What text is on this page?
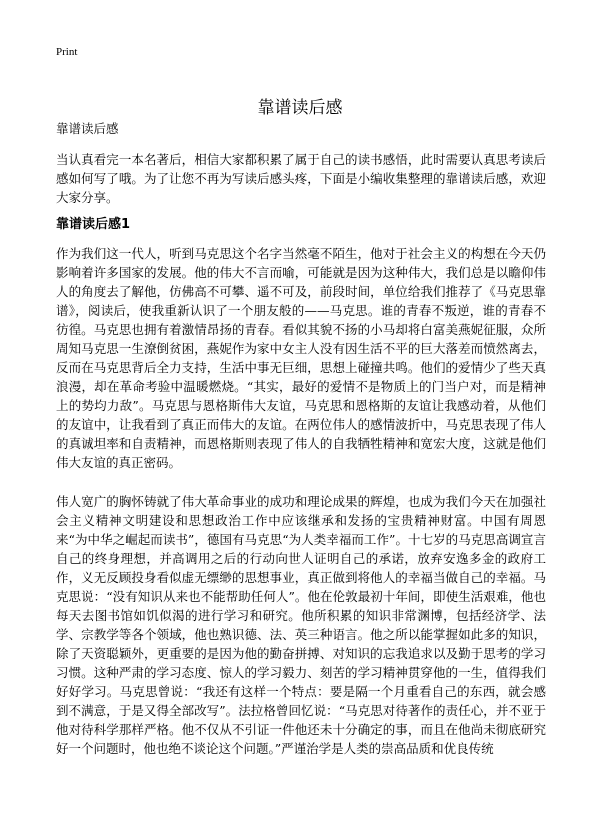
Print
靠谱读后感

靠谱读后感

当认真看完一本名著后，相信大家都积累了属于自己的读书感悟，此时需要认真思考读后感如何写了哦。为了让您不再为写读后感头疼，下面是小编收集整理的靠谱读后感，欢迎大家分享。

靠谱读后感1

作为我们这一代人，听到马克思这个名字当然毫不陌生，他对于社会主义的构想在今天仍影响着许多国家的发展。他的伟大不言而喻，可能就是因为这种伟大，我们总是以瞻仰伟人的角度去了解他，仿佛高不可攀、遥不可及，前段时间，单位给我们推荐了《马克思靠谱》，阅读后，使我重新认识了一个朋友般的——马克思。谁的青春不叛逆，谁的青春不彷徨。马克思也拥有着激情昂扬的青春。看似其貌不扬的小马却将白富美燕妮征服，众所周知马克思一生潦倒贫困，燕妮作为家中女主人没有因生活不平的巨大落差而愤然离去，反而在马克思背后全力支持，生活中事无巨细，思想上碰撞共鸣。他们的爱情少了些天真浪漫，却在革命考验中温暖燃烧。“其实，最好的爱情不是物质上的门当户对，而是精神上的势均力敌”。马克思与恩格斯伟大友谊，马克思和恩格斯的友谊让我感动着，从他们的友谊中，让我看到了真正而伟大的友谊。在两位伟人的感情波折中，马克思表现了伟人的真诚坦率和自责精神，而恩格斯则表现了伟人的自我牺牲精神和宽宏大度，这就是他们伟大友谊的真正密码。

伟人宽广的胸怀铸就了伟大革命事业的成功和理论成果的辉煌，也成为我们今天在加强社会主义精神文明建设和思想政治工作中应该继承和发扬的宝贵精神财富。中国有周恩来“为中华之崛起而读书”，德国有马克思“为人类幸福而工作”。十七岁的马克思高调宣言自己的终身理想，并高调用之后的行动向世人证明自己的承诺，放弃安逸多金的政府工作，义无反顾投身看似虚无缥缈的思想事业，真正做到将他人的幸福当做自己的幸福。马克思说：“没有知识从来也不能帮助任何人”。他在伦敦最初十年间，即使生活艰难，他也每天去图书馆如饥似渴的进行学习和研究。他所积累的知识非常渊博，包括经济学、法学、宗教学等各个领域，他也熟识德、法、英三种语言。他之所以能掌握如此多的知识，除了天资聪颖外，更重要的是因为他的勤奋拼搏、对知识的忘我追求以及勤于思考的学习习惯。这种严肃的学习态度、惊人的学习毅力、刻苦的学习精神贯穿他的一生，值得我们好好学习。马克思曾说：“我还有这样一个特点：要是隔一个月重看自己的东西，就会感到不满意，于是又得全部改写”。法拉格曾回忆说：“马克思对待著作的责任心，并不亚于他对待科学那样严格。他不仅从不引证一件他还未十分确定的事，而且在他尚未彻底研究好一个问题时，他也绝不谈论这个问题。”严谨治学是人类的崇高品质和优良传统
